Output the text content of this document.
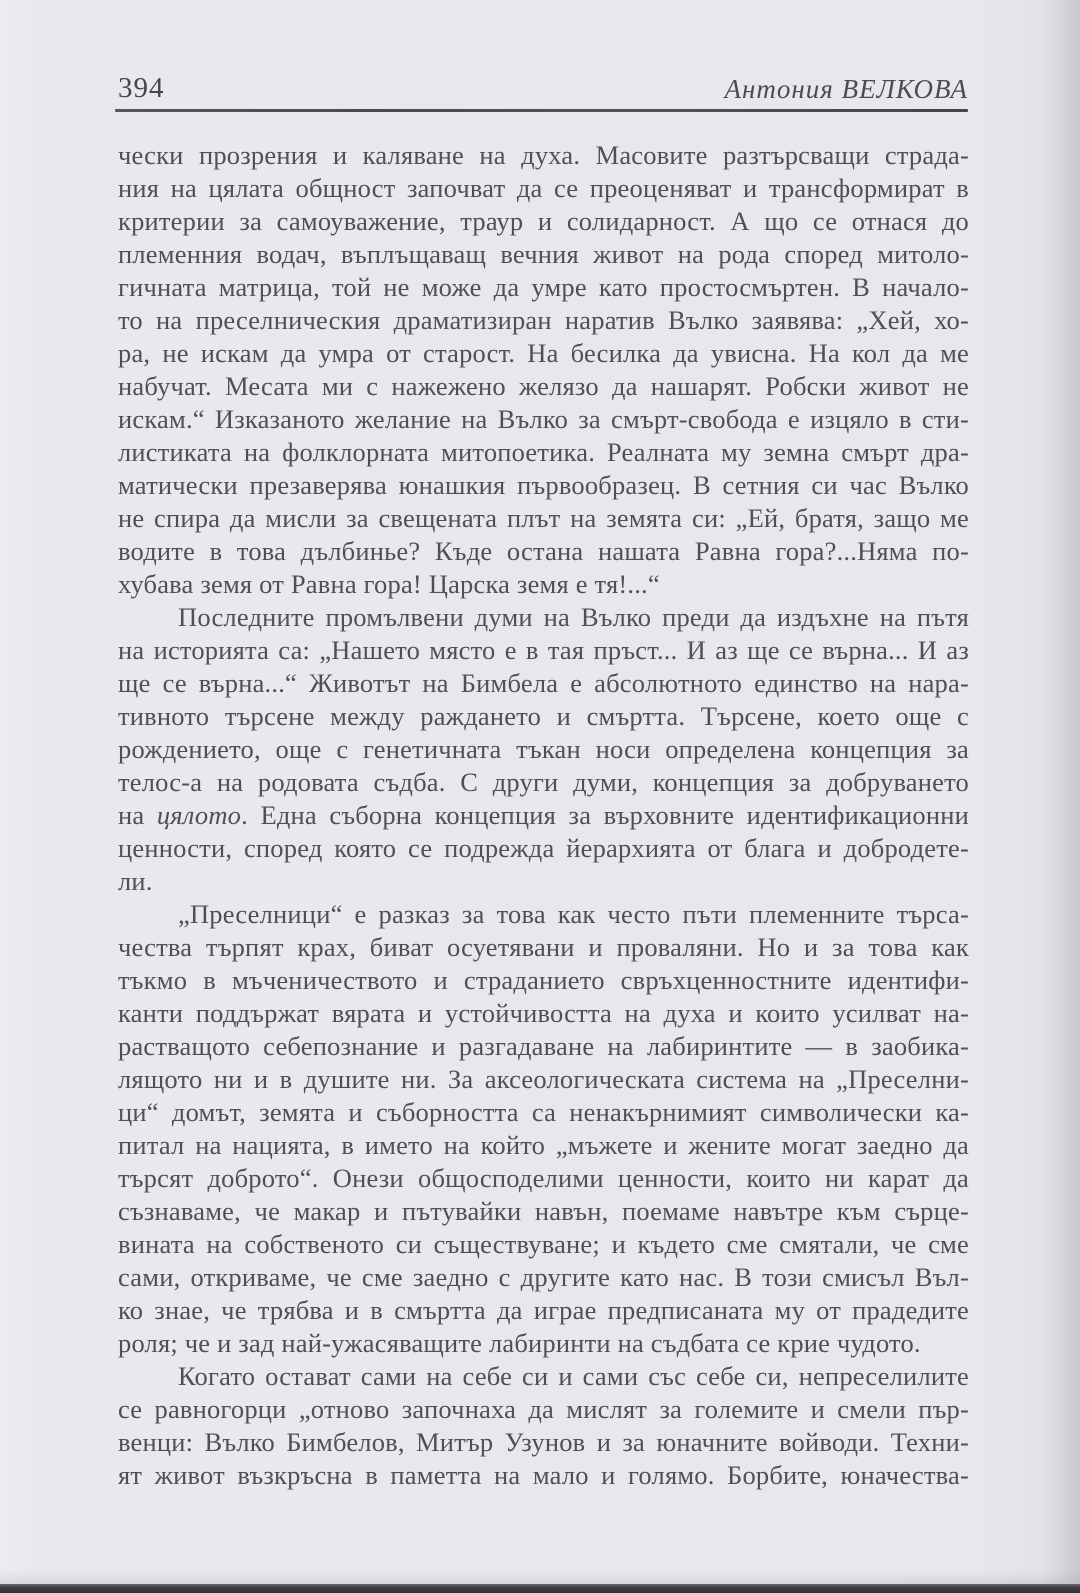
394	Антония ВЕЛКОВА
чески прозрения и каляване на духа. Масовите разтърсващи страда-
ния на цялата общност започват да се преоценяват и трансформират в
критерии за самоуважение, траур и солидарност. А що се отнася до
племенния водач, въплъщаващ вечния живот на рода според митоло-
гичната матрица, той не може да умре като простосмъртен. В начало-
то на преселническия драматизиран наратив Вълко заявява: „Хей, хо-
ра, не искам да умра от старост. На бесилка да увисна. На кол да ме
набучат. Месата ми с нажежено желязо да нашарят. Робски живот не
искам.“ Изказаното желание на Вълко за смърт-свобода е изцяло в сти-
листиката на фолклорната митопоетика. Реалната му земна смърт дра-
матически презаверява юнашкия първообразец. В сетния си час Вълко
не спира да мисли за свещената плът на земята си: „Ей, братя, защо ме
водите в това дълбинье? Къде остана нашата Равна гора?...Няма по-
хубава земя от Равна гора! Царска земя е тя!...“
Последните промълвени думи на Вълко преди да издъхне на пътя
на историята са: „Нашето място е в тая пръст... И аз ще се върна... И аз
ще се върна...“ Животът на Бимбела е абсолютното единство на нара-
тивното търсене между раждането и смъртта. Търсене, което още с
рождението, още с генетичната тъкан носи определена концепция за
телос-а на родовата съдба. С други думи, концепция за добруването
на цялото. Една съборна концепция за върховните идентификационни
ценности, според която се подрежда йерархията от блага и добродете-
ли.
„Преселници“ е разказ за това как често пъти племенните търса-
чества търпят крах, биват осуетявани и проваляни. Но и за това как
тъкмо в мъченичеството и страданието свръхценностните идентифи-
канти поддържат вярата и устойчивостта на духа и които усилват на-
растващото себепознание и разгадаване на лабиринтите — в заобика-
лящото ни и в душите ни. За аксеологическата система на „Преселни-
ци“ домът, земята и съборността са ненакърнимият символически ка-
питал на нацията, в името на който „мъжете и жените могат заедно да
търсят доброто“. Онези общосподелими ценности, които ни карат да
съзнаваме, че макар и пътувайки навън, поемаме навътре към сърце-
вината на собственото си съществуване; и където сме смятали, че сме
сами, откриваме, че сме заедно с другите като нас. В този смисъл Въл-
ко знае, че трябва и в смъртта да играе предписаната му от прадедите
роля; че и зад най-ужасяващите лабиринти на съдбата се крие чудото.
Когато остават сами на себе си и сами със себе си, непреселилите
се равногорци „отново започнаха да мислят за големите и смели пър-
венци: Вълко Бимбелов, Митър Узунов и за юначните войводи. Техни-
ят живот възкръсна в паметта на мало и голямо. Борбите, юначества-
